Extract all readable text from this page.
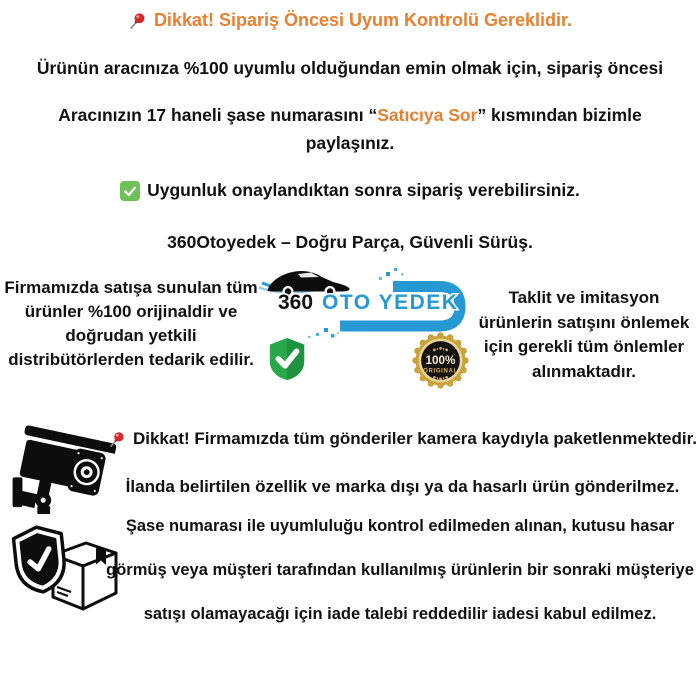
Dikkat! Sipariş Öncesi Uyum Kontrolü Gereklidir.
Ürünün aracınıza %100 uyumlu olduğundan emin olmak için, sipariş öncesi
Aracınızın 17 haneli şase numarasını “Satıcıya Sor” kısmından bizimle
paylaşınız.
Uygunluk onaylandıktan sonra sipariş verebilirsiniz.
360Otoyedek – Doğru Parça, Güvenli Sürüş.
Firmamızda satışa sunulan tüm
ürünler %100 orijinaldir ve
doğrudan yetkili
distribütörlerden tedarik edilir.
Taklit ve imitasyon
ürünlerin satışını önlemek
için gerekli tüm önlemler
alınmaktadır.
360 OTO YEDEK
100%
ORIGINAL
Dikkat! Firmamızda tüm gönderiler kamera kaydıyla paketlenmektedir.
İlanda belirtilen özellik ve marka dışı ya da hasarlı ürün gönderilmez.
Şase numarası ile uyumluluğu kontrol edilmeden alınan, kutusu hasar
görmüş veya müşteri tarafından kullanılmış ürünlerin bir sonraki müşteriye
satışı olamayacağı için iade talebi reddedilir iadesi kabul edilmez.
